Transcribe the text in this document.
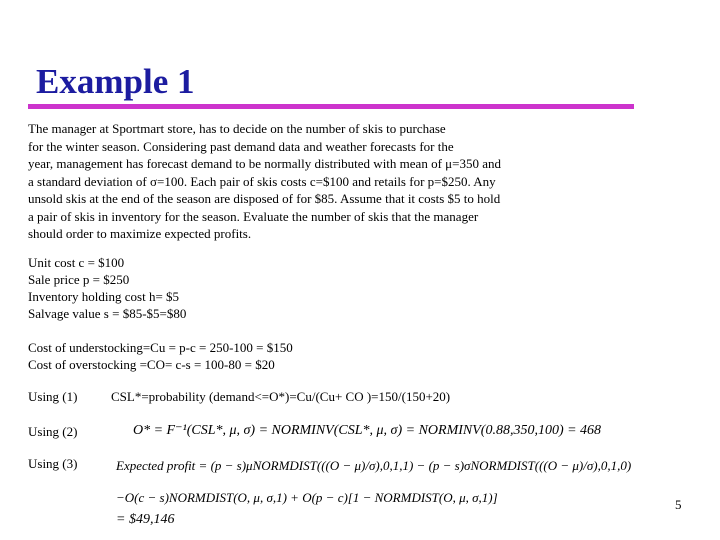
Example 1
The manager at Sportmart store, has to decide on the number of skis to purchase
for the winter season. Considering past demand data and weather forecasts for the
year, management has forecast demand to be normally distributed with mean of μ=350 and
a standard deviation of σ=100. Each pair of skis costs c=$100 and retails for p=$250. Any
unsold skis at the end of the season are disposed of for $85. Assume that it costs $5 to hold
a pair of skis in inventory for the season. Evaluate the number of skis that the manager
should order to maximize expected profits.
Unit cost c = $100
Sale price p = $250
Inventory holding cost h= $5
Salvage value s = $85-$5=$80
Cost of understocking=Cu = p-c = 250-100 = $150
Cost of overstocking =CO= c-s = 100-80 = $20
Using (1)	CSL*=probability (demand<=O*)=Cu/(Cu+ CO )=150/(150+20)
Using (2)	O* = F⁻¹(CSL*, μ, σ) = NORMINV(CSL*, μ, σ) = NORMINV(0.88,350,100) = 468
Using (3)	Expected profit = (p − s)μNORMDIST(((O − μ)/σ),0,1,1) − (p − s)σNORMDIST(((O − μ)/σ),0,1,0)
−O(c − s)NORMDIST(O, μ, σ,1) + O(p − c)[1 − NORMDIST(O, μ, σ,1)]
= $49,146
5
